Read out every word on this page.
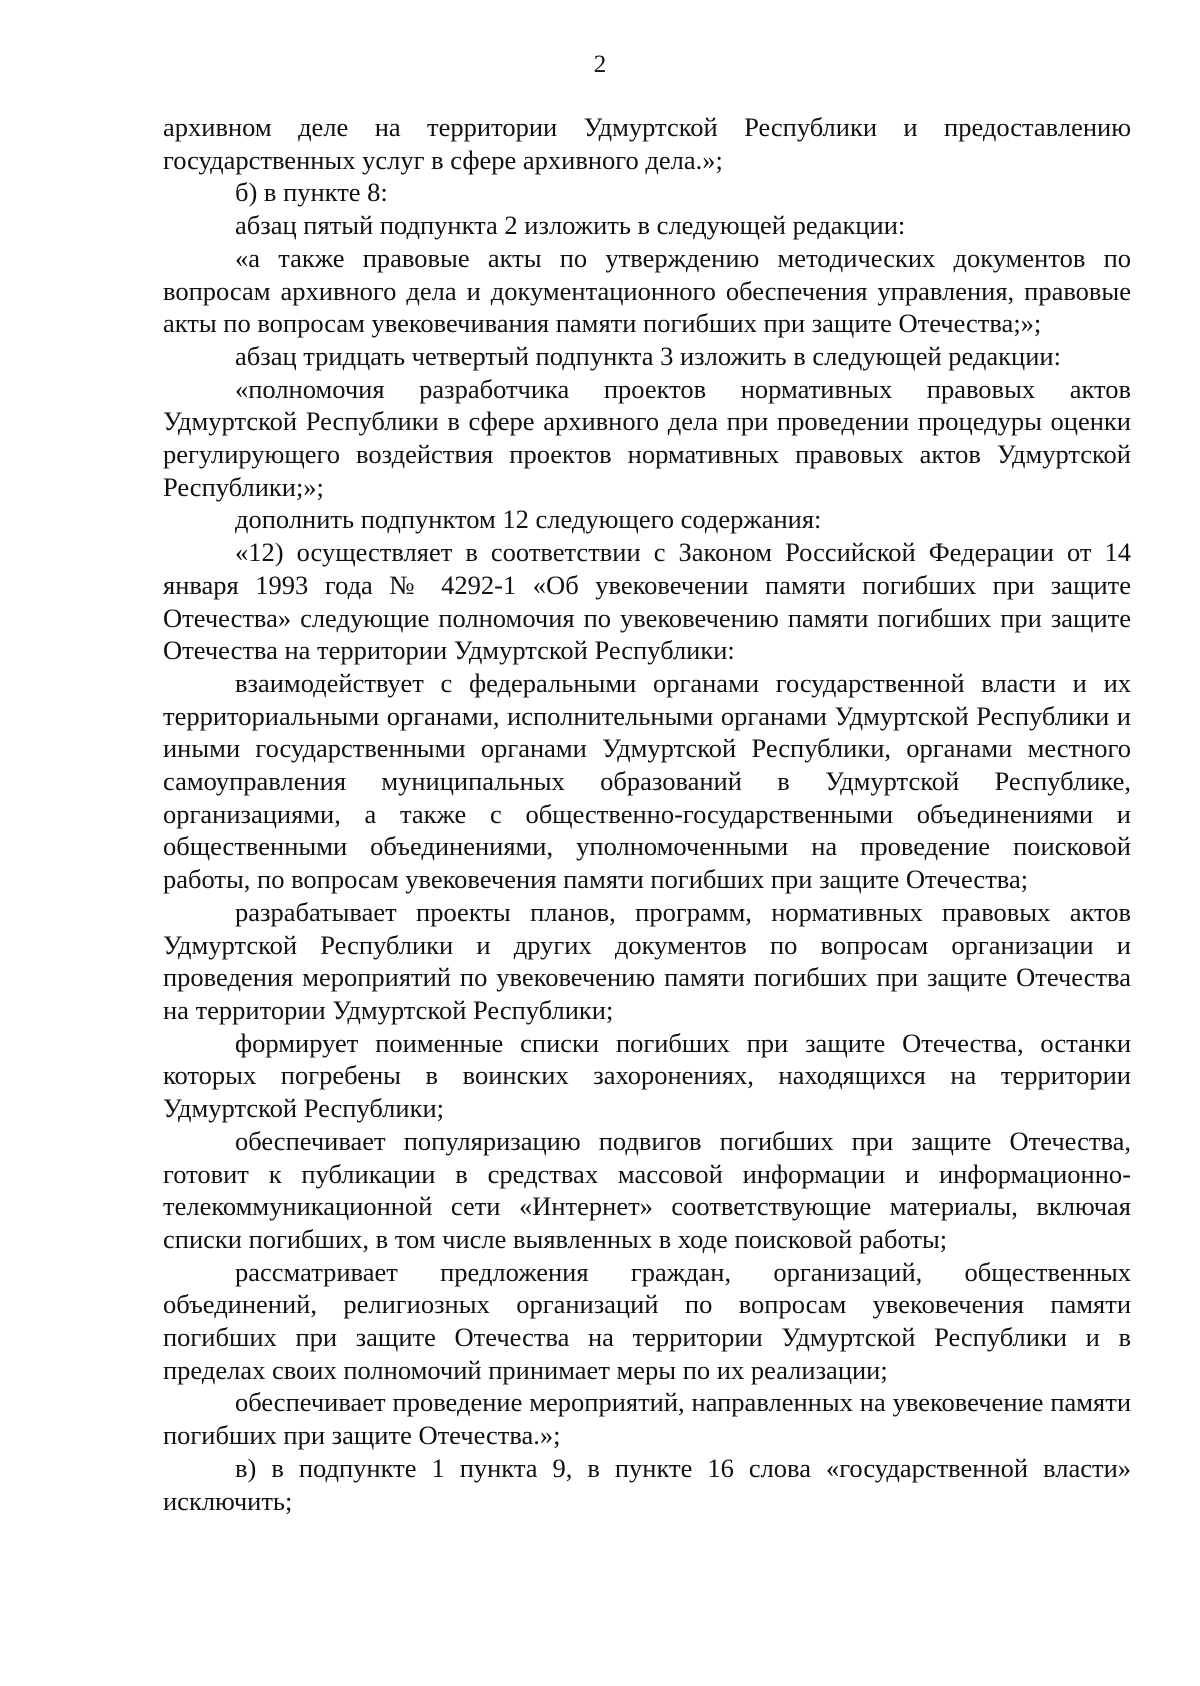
2

архивном деле на территории Удмуртской Республики и предоставлению государственных услуг в сфере архивного дела.»;

б) в пункте 8:

абзац пятый подпункта 2 изложить в следующей редакции:

«а также правовые акты по утверждению методических документов по вопросам архивного дела и документационного обеспечения управления, правовые акты по вопросам увековечивания памяти погибших при защите Отечества;»;

абзац тридцать четвертый подпункта 3 изложить в следующей редакции:

«полномочия разработчика проектов нормативных правовых актов Удмуртской Республики в сфере архивного дела при проведении процедуры оценки регулирующего воздействия проектов нормативных правовых актов Удмуртской Республики;»;

дополнить подпунктом 12 следующего содержания:

«12) осуществляет в соответствии с Законом Российской Федерации от 14 января 1993 года № 4292-1 «Об увековечении памяти погибших при защите Отечества» следующие полномочия по увековечению памяти погибших при защите Отечества на территории Удмуртской Республики:

взаимодействует с федеральными органами государственной власти и их территориальными органами, исполнительными органами Удмуртской Республики и иными государственными органами Удмуртской Республики, органами местного самоуправления муниципальных образований в Удмуртской Республике, организациями, а также с общественно-государственными объединениями и общественными объединениями, уполномоченными на проведение поисковой работы, по вопросам увековечения памяти погибших при защите Отечества;

разрабатывает проекты планов, программ, нормативных правовых актов Удмуртской Республики и других документов по вопросам организации и проведения мероприятий по увековечению памяти погибших при защите Отечества на территории Удмуртской Республики;

формирует поименные списки погибших при защите Отечества, останки которых погребены в воинских захоронениях, находящихся на территории Удмуртской Республики;

обеспечивает популяризацию подвигов погибших при защите Отечества, готовит к публикации в средствах массовой информации и информационно-телекоммуникационной сети «Интернет» соответствующие материалы, включая списки погибших, в том числе выявленных в ходе поисковой работы;

рассматривает предложения граждан, организаций, общественных объединений, религиозных организаций по вопросам увековечения памяти погибших при защите Отечества на территории Удмуртской Республики и в пределах своих полномочий принимает меры по их реализации;

обеспечивает проведение мероприятий, направленных на увековечение памяти погибших при защите Отечества.»;

в) в подпункте 1 пункта 9, в пункте 16 слова «государственной власти» исключить;
